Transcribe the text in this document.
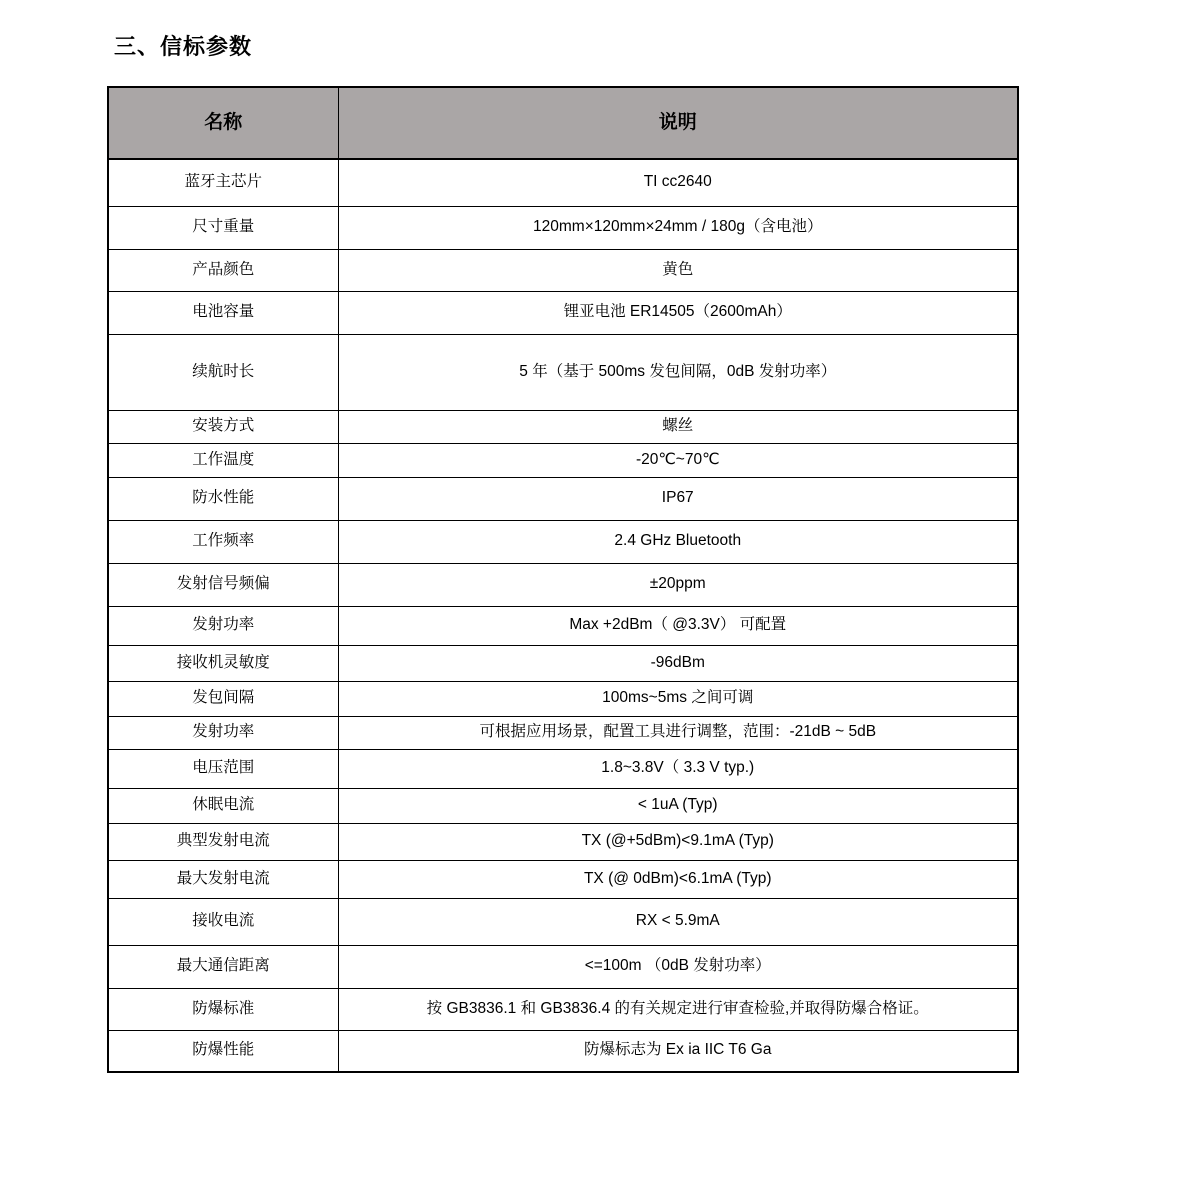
三、信标参数
名称	说明
蓝牙主芯片	TI cc2640
尺寸重量	120mm×120mm×24mm / 180g（含电池）
产品颜色	黄色
电池容量	锂亚电池 ER14505（2600mAh）
续航时长	5 年（基于 500ms 发包间隔，0dB 发射功率）
安装方式	螺丝
工作温度	-20℃~70℃
防水性能	IP67
工作频率	2.4 GHz Bluetooth
发射信号频偏	±20ppm
发射功率	Max +2dBm（ @3.3V） 可配置
接收机灵敏度	-96dBm
发包间隔	100ms~5ms 之间可调
发射功率	可根据应用场景，配置工具进行调整，范围：-21dB ~ 5dB
电压范围	1.8~3.8V（ 3.3 V typ.)
休眠电流	< 1uA (Typ)
典型发射电流	TX (@+5dBm)<9.1mA (Typ)
最大发射电流	TX (@ 0dBm)<6.1mA (Typ)
接收电流	RX < 5.9mA
最大通信距离	<=100m （0dB 发射功率）
防爆标准	按 GB3836.1 和 GB3836.4 的有关规定进行审查检验,并取得防爆合格证。
防爆性能	防爆标志为 Ex ia IIC T6 Ga
